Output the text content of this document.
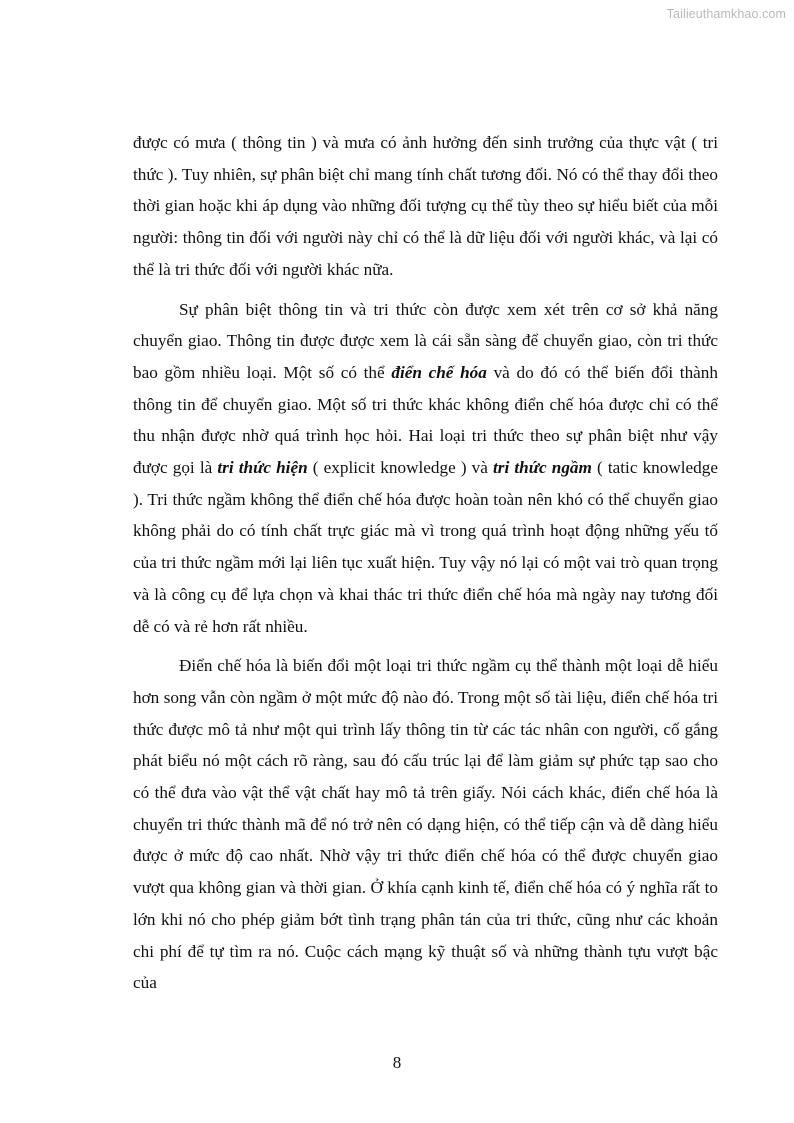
Tailieuthamkhao.com

được có mưa ( thông tin ) và mưa có ảnh hưởng đến sinh trưởng của thực vật ( tri thức ). Tuy nhiên, sự phân biệt chỉ mang tính chất tương đối. Nó có thể thay đổi theo thời gian hoặc khi áp dụng vào những đối tượng cụ thể tùy theo sự hiểu biết của mỗi người: thông tin đối với người này chỉ có thể là dữ liệu đối với người khác, và lại có thể là tri thức đối với người khác nữa.

Sự phân biệt thông tin và tri thức còn được xem xét trên cơ sở khả năng chuyển giao. Thông tin được được xem là cái sẵn sàng để chuyển giao, còn tri thức bao gồm nhiều loại. Một số có thể điển chế hóa và do đó có thể biến đổi thành thông tin để chuyển giao. Một số tri thức khác không điển chế hóa được chỉ có thể thu nhận được nhờ quá trình học hỏi. Hai loại tri thức theo sự phân biệt như vậy được gọi là tri thức hiện ( explicit knowledge ) và tri thức ngầm ( tatic knowledge ). Tri thức ngầm không thể điển chế hóa được hoàn toàn nên khó có thể chuyển giao không phải do có tính chất trực giác mà vì trong quá trình hoạt động những yếu tố của tri thức ngầm mới lại liên tục xuất hiện. Tuy vậy nó lại có một vai trò quan trọng và là công cụ để lựa chọn và khai thác tri thức điển chế hóa mà ngày nay tương đối dễ có và rẻ hơn rất nhiều.

Điển chế hóa là biến đổi một loại tri thức ngầm cụ thể thành một loại dễ hiểu hơn song vẫn còn ngầm ở một mức độ nào đó. Trong một số tài liệu, điển chế hóa tri thức được mô tả như một qui trình lấy thông tin từ các tác nhân con người, cố gắng phát biểu nó một cách rõ ràng, sau đó cấu trúc lại để làm giảm sự phức tạp sao cho có thể đưa vào vật thể vật chất hay mô tả trên giấy. Nói cách khác, điển chế hóa là chuyển tri thức thành mã để nó trở nên có dạng hiện, có thể tiếp cận và dễ dàng hiểu được ở mức độ cao nhất. Nhờ vậy tri thức điển chế hóa có thể được chuyển giao vượt qua không gian và thời gian. Ở khía cạnh kinh tế, điển chế hóa có ý nghĩa rất to lớn khi nó cho phép giảm bớt tình trạng phân tán của tri thức, cũng như các khoản chi phí để tự tìm ra nó. Cuộc cách mạng kỹ thuật số và những thành tựu vượt bậc của

8
